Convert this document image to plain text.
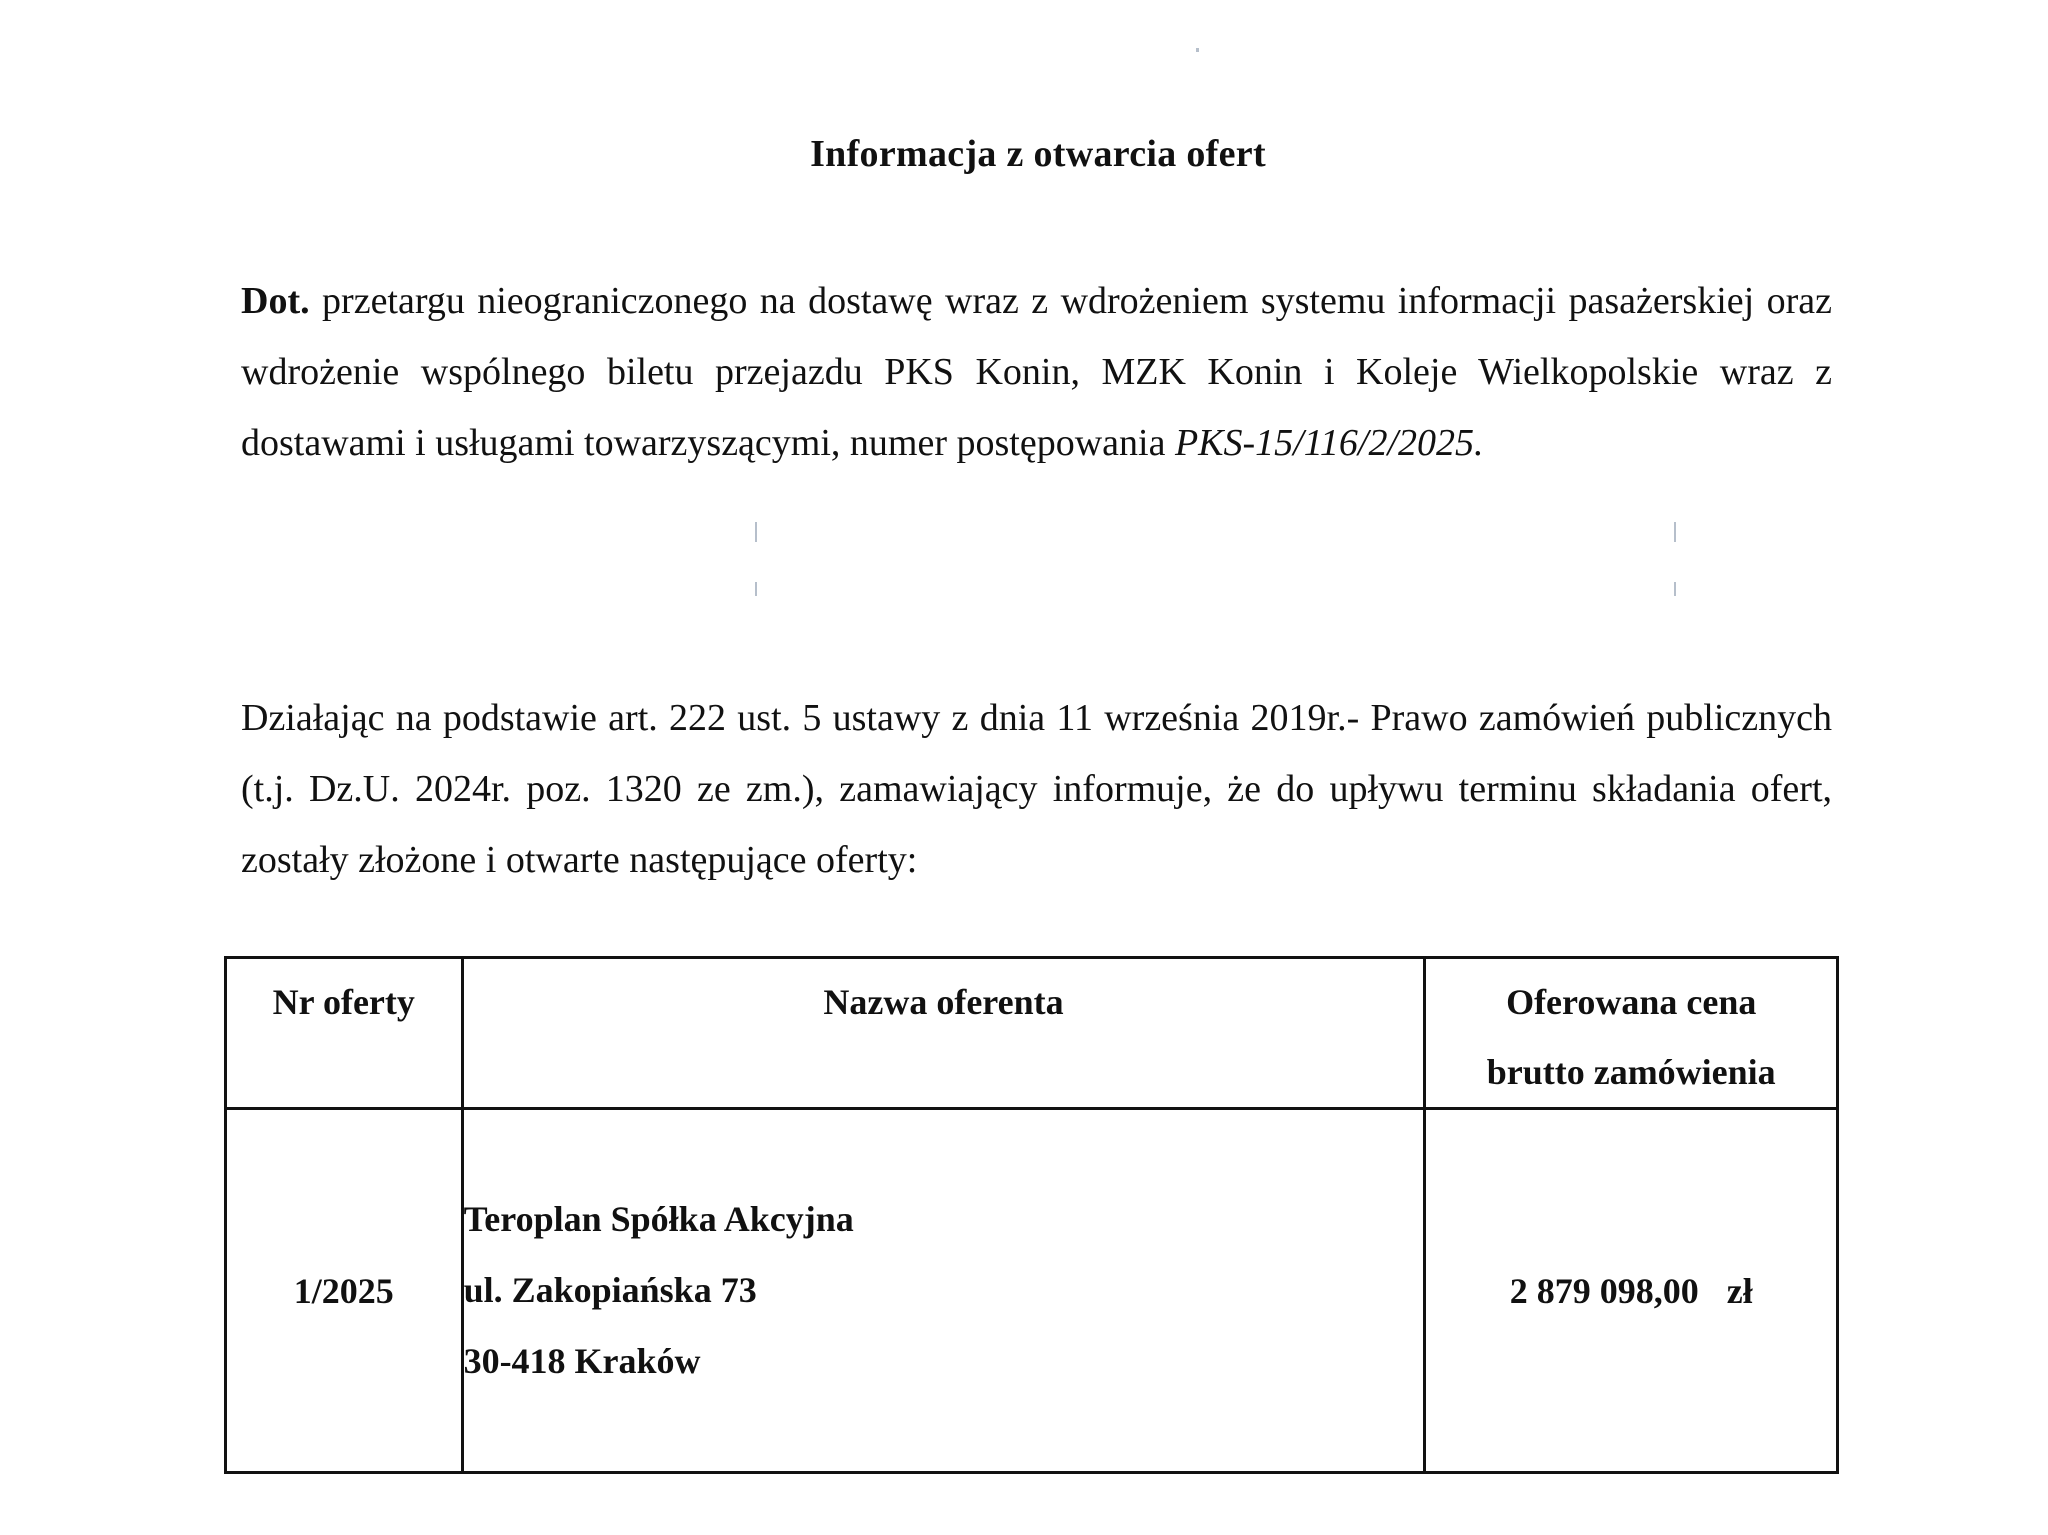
Informacja z otwarcia ofert
Dot. przetargu nieograniczonego na dostawę wraz z wdrożeniem systemu informacji pasażerskiej oraz wdrożenie wspólnego biletu przejazdu PKS Konin, MZK Konin i Koleje Wielkopolskie wraz z dostawami i usługami towarzyszącymi, numer postępowania PKS-15/116/2/2025.
Działając na podstawie art. 222 ust. 5 ustawy z dnia 11 września 2019r.- Prawo zamówień publicznych (t.j. Dz.U. 2024r. poz. 1320 ze zm.), zamawiający informuje, że do upływu terminu składania ofert, zostały złożone i otwarte następujące oferty:
Nr oferty	Nazwa oferenta	Oferowana cena
brutto zamówienia

1/2025	Teroplan Spółka Akcyjna
ul. Zakopiańska 73
30-418 Kraków	2 879 098,00 zł
